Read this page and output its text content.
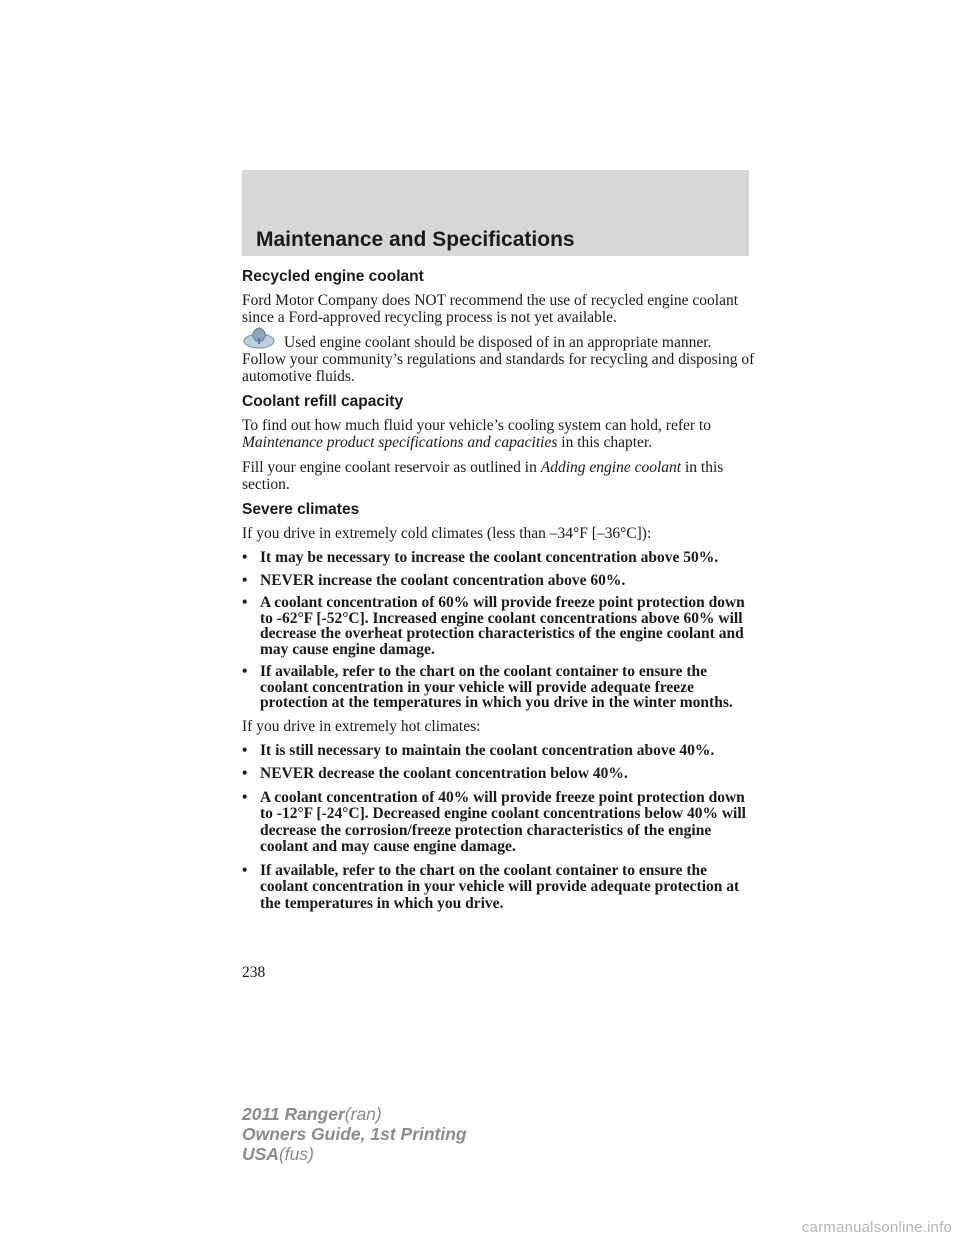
Maintenance and Specifications
Recycled engine coolant
Ford Motor Company does NOT recommend the use of recycled engine coolant since a Ford-approved recycling process is not yet available.
Used engine coolant should be disposed of in an appropriate manner. Follow your community’s regulations and standards for recycling and disposing of automotive fluids.
Coolant refill capacity
To find out how much fluid your vehicle’s cooling system can hold, refer to Maintenance product specifications and capacities in this chapter.
Fill your engine coolant reservoir as outlined in Adding engine coolant in this section.
Severe climates
If you drive in extremely cold climates (less than –34°F [–36°C]):
• It may be necessary to increase the coolant concentration above 50%.
• NEVER increase the coolant concentration above 60%.
• A coolant concentration of 60% will provide freeze point protection down to -62°F [-52°C]. Increased engine coolant concentrations above 60% will decrease the overheat protection characteristics of the engine coolant and may cause engine damage.
• If available, refer to the chart on the coolant container to ensure the coolant concentration in your vehicle will provide adequate freeze protection at the temperatures in which you drive in the winter months.
If you drive in extremely hot climates:
• It is still necessary to maintain the coolant concentration above 40%.
• NEVER decrease the coolant concentration below 40%.
• A coolant concentration of 40% will provide freeze point protection down to -12°F [-24°C]. Decreased engine coolant concentrations below 40% will decrease the corrosion/freeze protection characteristics of the engine coolant and may cause engine damage.
• If available, refer to the chart on the coolant container to ensure the coolant concentration in your vehicle will provide adequate protection at the temperatures in which you drive.
238
2011 Ranger(ran)
Owners Guide, 1st Printing
USA(fus)
carmanualsonline.info
